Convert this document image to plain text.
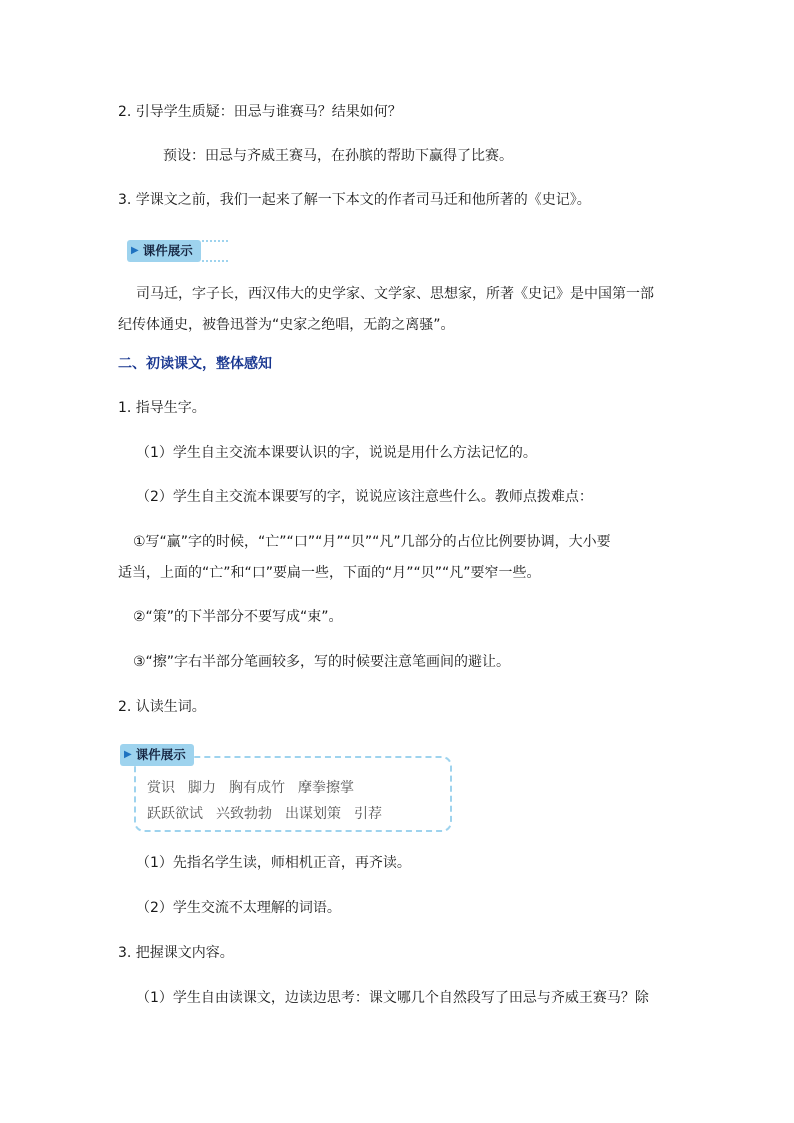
2. 引导学生质疑：田忌与谁赛马？结果如何？
预设：田忌与齐威王赛马，在孙膑的帮助下赢得了比赛。
3. 学课文之前，我们一起来了解一下本文的作者司马迁和他所著的《史记》。
▶ 课件展示
司马迁，字子长，西汉伟大的史学家、文学家、思想家，所著《史记》是中国第一部
纪传体通史，被鲁迅誉为“史家之绝唱，无韵之离骚”。
二、初读课文，整体感知
1. 指导生字。
（1）学生自主交流本课要认识的字，说说是用什么方法记忆的。
（2）学生自主交流本课要写的字，说说应该注意些什么。教师点拨难点：
①写“赢”字的时候，“亡”“口”“月”“贝”“凡”几部分的占位比例要协调，大小要
适当，上面的“亡”和“口”要扁一些，下面的“月”“贝”“凡”要窄一些。
②“策”的下半部分不要写成“束”。
③“擦”字右半部分笔画较多，写的时候要注意笔画间的避让。
2. 认读生词。
▶ 课件展示
赏识 脚力 胸有成竹 摩拳擦掌
跃跃欲试 兴致勃勃 出谋划策 引荐
（1）先指名学生读，师相机正音，再齐读。
（2）学生交流不太理解的词语。
3. 把握课文内容。
（1）学生自由读课文，边读边思考：课文哪几个自然段写了田忌与齐威王赛马？除
